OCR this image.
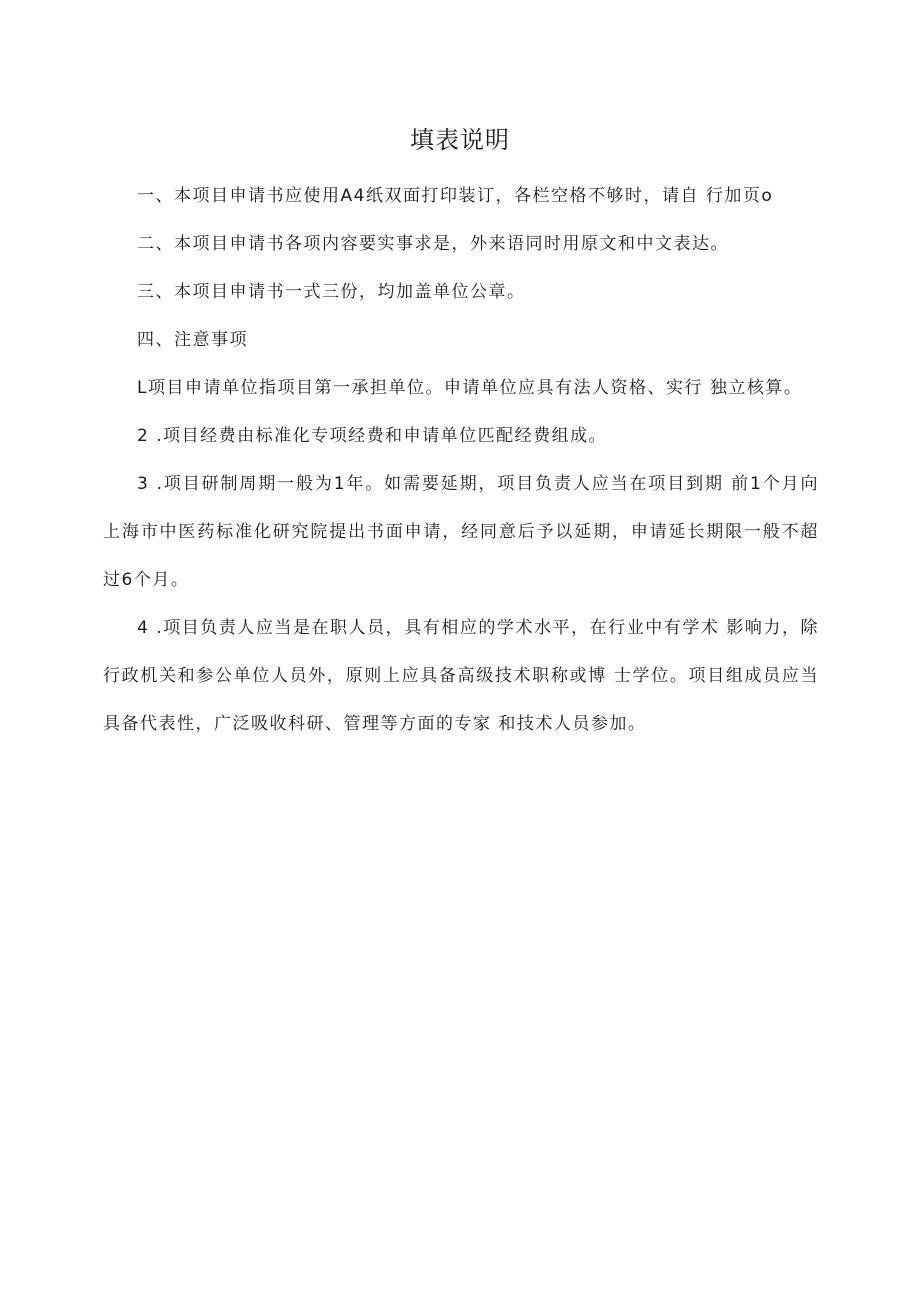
填表说明

一、本项目申请书应使用A4纸双面打印装订，各栏空格不够时，请自 行加页o

二、本项目申请书各项内容要实事求是，外来语同时用原文和中文表达。

三、本项目申请书一式三份，均加盖单位公章。

四、注意事项

L项目申请单位指项目第一承担单位。申请单位应具有法人资格、实行 独立核算。

2 .项目经费由标准化专项经费和申请单位匹配经费组成。

3 .项目研制周期一般为1年。如需要延期，项目负责人应当在项目到期 前1个月向上海市中医药标准化研究院提出书面申请，经同意后予以延期，申请延长期限一般不超过6个月。

4 .项目负责人应当是在职人员，具有相应的学术水平，在行业中有学术 影响力，除行政机关和参公单位人员外，原则上应具备高级技术职称或博 士学位。项目组成员应当具备代表性，广泛吸收科研、管理等方面的专家 和技术人员参加。
